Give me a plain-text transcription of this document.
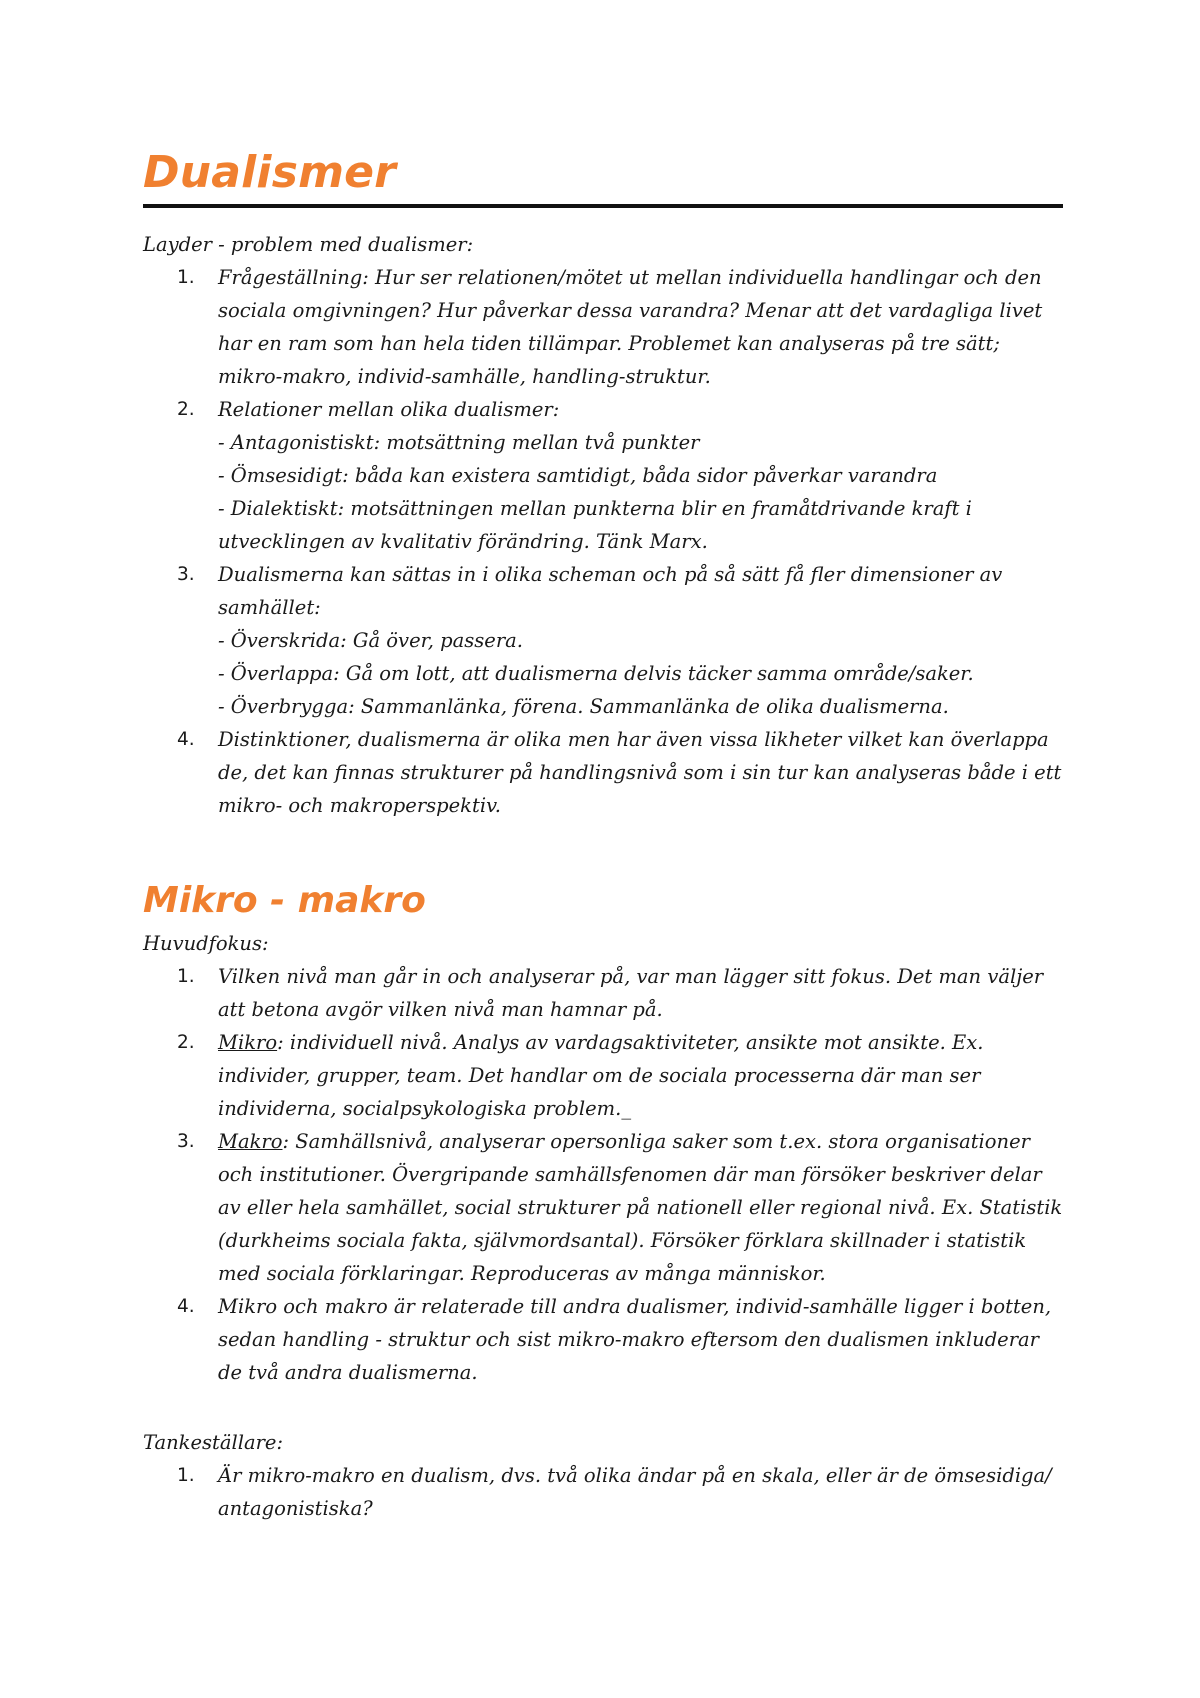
Dualismer

Layder - problem med dualismer:

1. Frågeställning: Hur ser relationen/mötet ut mellan individuella handlingar och den sociala omgivningen? Hur påverkar dessa varandra? Menar att det vardagliga livet har en ram som han hela tiden tillämpar. Problemet kan analyseras på tre sätt; mikro-makro, individ-samhälle, handling-struktur.
2. Relationer mellan olika dualismer:
- Antagonistiskt: motsättning mellan två punkter
- Ömsesidigt: båda kan existera samtidigt, båda sidor påverkar varandra
- Dialektiskt: motsättningen mellan punkterna blir en framåtdrivande kraft i utvecklingen av kvalitativ förändring. Tänk Marx.
3. Dualismerna kan sättas in i olika scheman och på så sätt få fler dimensioner av samhället:
- Överskrida: Gå över, passera.
- Överlappa: Gå om lott, att dualismerna delvis täcker samma område/saker.
- Överbrygga: Sammanlänka, förena. Sammanlänka de olika dualismerna.
4. Distinktioner, dualismerna är olika men har även vissa likheter vilket kan överlappa de, det kan finnas strukturer på handlingsnivå som i sin tur kan analyseras både i ett mikro- och makroperspektiv.
Mikro - makro

Huvudfokus:

1. Vilken nivå man går in och analyserar på, var man lägger sitt fokus. Det man väljer att betona avgör vilken nivå man hamnar på.
2. Mikro: individuell nivå. Analys av vardagsaktiviteter, ansikte mot ansikte. Ex. individer, grupper, team. Det handlar om de sociala processerna där man ser individerna, socialpsykologiska problem._
3. Makro: Samhällsnivå, analyserar opersonliga saker som t.ex. stora organisationer och institutioner. Övergripande samhällsfenomen där man försöker beskriver delar av eller hela samhället, social strukturer på nationell eller regional nivå. Ex. Statistik (durkheims sociala fakta, självmordsantal). Försöker förklara skillnader i statistik med sociala förklaringar. Reproduceras av många människor.
4. Mikro och makro är relaterade till andra dualismer, individ-samhälle ligger i botten, sedan handling - struktur och sist mikro-makro eftersom den dualismen inkluderar de två andra dualismerna.

Tankeställare:

1. Är mikro-makro en dualism, dvs. två olika ändar på en skala, eller är de ömsesidiga/ antagonistiska?
